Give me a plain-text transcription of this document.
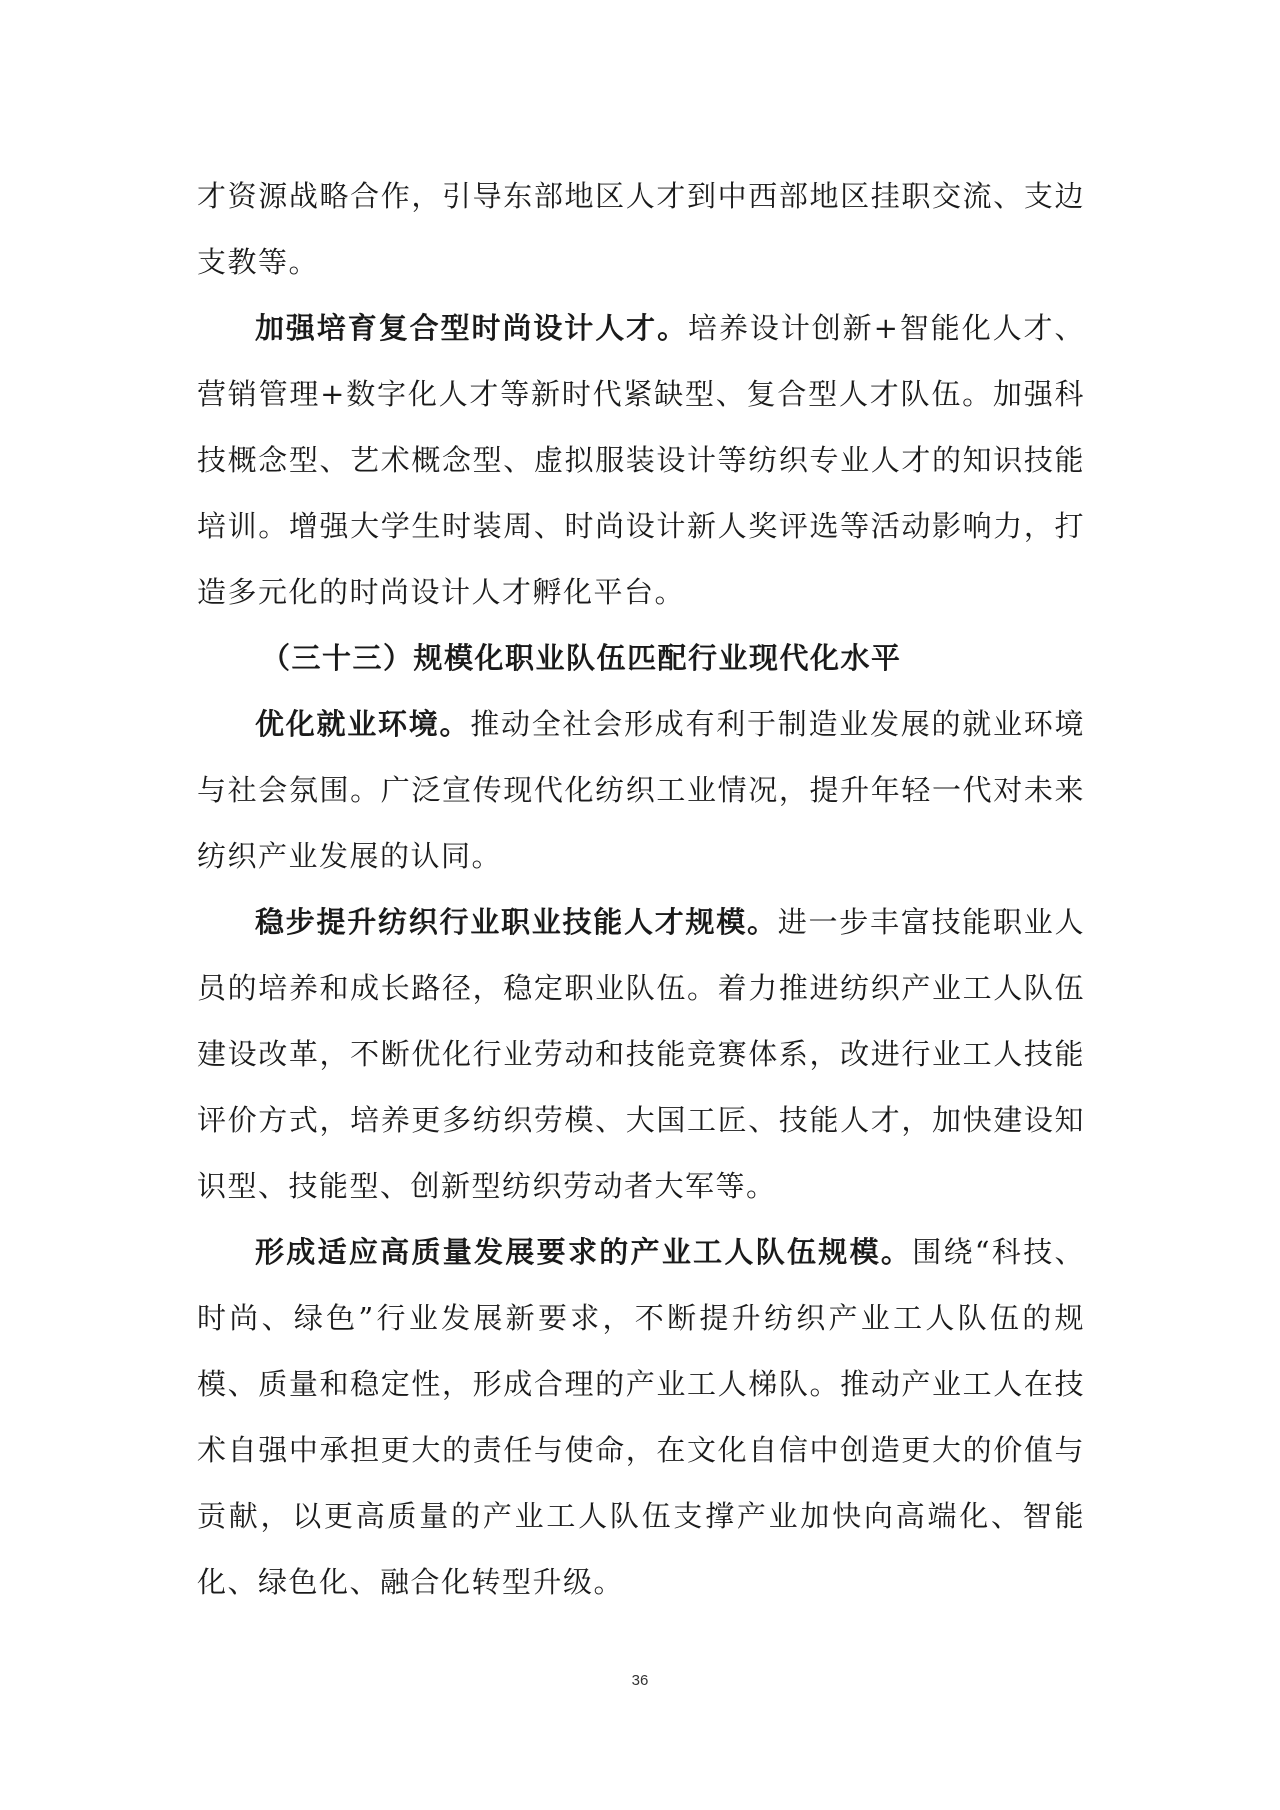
才资源战略合作，引导东部地区人才到中西部地区挂职交流、支边支教等。

加强培育复合型时尚设计人才。培养设计创新+智能化人才、营销管理+数字化人才等新时代紧缺型、复合型人才队伍。加强科技概念型、艺术概念型、虚拟服装设计等纺织专业人才的知识技能培训。增强大学生时装周、时尚设计新人奖评选等活动影响力，打造多元化的时尚设计人才孵化平台。

（三十三）规模化职业队伍匹配行业现代化水平

优化就业环境。推动全社会形成有利于制造业发展的就业环境与社会氛围。广泛宣传现代化纺织工业情况，提升年轻一代对未来纺织产业发展的认同。

稳步提升纺织行业职业技能人才规模。进一步丰富技能职业人员的培养和成长路径，稳定职业队伍。着力推进纺织产业工人队伍建设改革，不断优化行业劳动和技能竞赛体系，改进行业工人技能评价方式，培养更多纺织劳模、大国工匠、技能人才，加快建设知识型、技能型、创新型纺织劳动者大军等。

形成适应高质量发展要求的产业工人队伍规模。围绕“科技、时尚、绿色”行业发展新要求，不断提升纺织产业工人队伍的规模、质量和稳定性，形成合理的产业工人梯队。推动产业工人在技术自强中承担更大的责任与使命，在文化自信中创造更大的价值与贡献，以更高质量的产业工人队伍支撑产业加快向高端化、智能化、绿色化、融合化转型升级。

36
